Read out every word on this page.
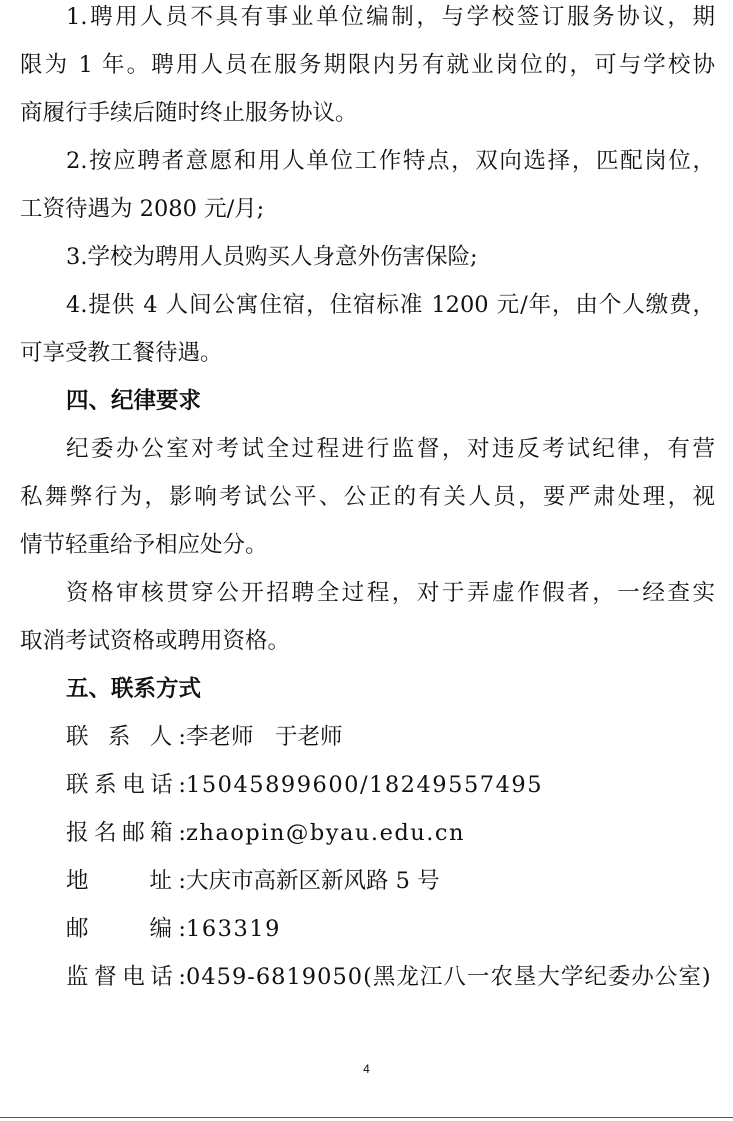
1.聘用人员不具有事业单位编制，与学校签订服务协议，期
限为 1 年。聘用人员在服务期限内另有就业岗位的，可与学校协
商履行手续后随时终止服务协议。
2.按应聘者意愿和用人单位工作特点，双向选择，匹配岗位，
工资待遇为 2080 元/月;
3.学校为聘用人员购买人身意外伤害保险;
4.提供 4 人间公寓住宿，住宿标准 1200 元/年，由个人缴费，
可享受教工餐待遇。
四、纪律要求
纪委办公室对考试全过程进行监督，对违反考试纪律，有营
私舞弊行为，影响考试公平、公正的有关人员，要严肃处理，视
情节轻重给予相应处分。
资格审核贯穿公开招聘全过程，对于弄虚作假者，一经查实
取消考试资格或聘用资格。
五、联系方式
联 系 人:李老师   于老师
联系电话:15045899600/18249557495
报名邮箱:zhaopin@byau.edu.cn
地    址:大庆市高新区新风路 5 号
邮    编:163319
监督电话:0459-6819050(黑龙江八一农垦大学纪委办公室)
4
